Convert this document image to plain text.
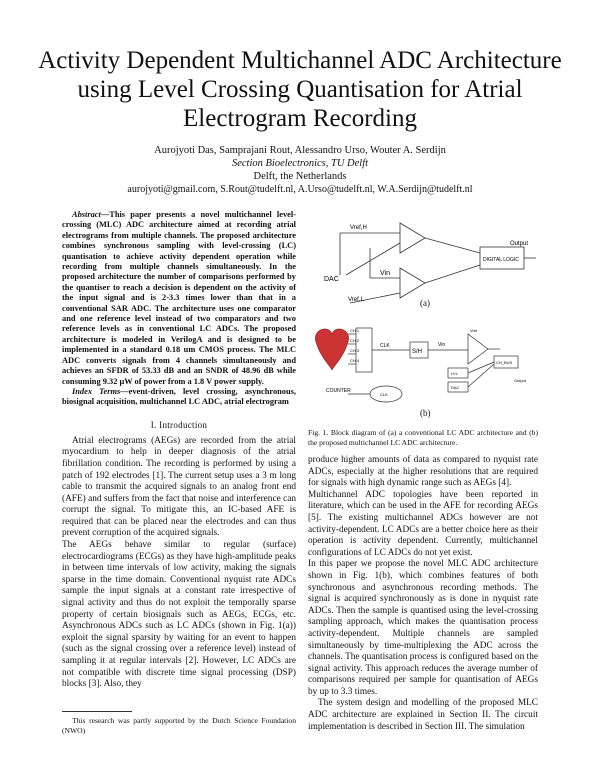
Activity Dependent Multichannel ADC Architecture
using Level Crossing Quantisation for Atrial
Electrogram Recording
Aurojyoti Das, Samprajani Rout, Alessandro Urso, Wouter A. Serdijn
Section Bioelectronics, TU Delft
Delft, the Netherlands
aurojyoti@gmail.com, S.Rout@tudelft.nl, A.Urso@tudelft.nl, W.A.Serdijn@tudelft.nl

Abstract—This paper presents a novel multichannel level-crossing (MLC) ADC architecture aimed at recording atrial electrograms from multiple channels. The proposed architecture combines synchronous sampling with level-crossing (LC) quantisation to achieve activity dependent operation while recording from multiple channels simultaneously. In the proposed architecture the number of comparisons performed by the quantiser to reach a decision is dependent on the activity of the input signal and is 2-3.3 times lower than that in a conventional SAR ADC. The architecture uses one comparator and one reference level instead of two comparators and two reference levels as in conventional LC ADCs. The proposed architecture is modeled in VerilogA and is designed to be implemented in a standard 0.18 um CMOS process. The MLC ADC converts signals from 4 channels simultaneously and achieves an SFDR of 53.33 dB and an SNDR of 48.96 dB while consuming 9.32 μW of power from a 1.8 V power supply.

Index Terms—event-driven, level crossing, asynchronous, biosignal acquisition, multichannel LC ADC, atrial electrogram

I. Introduction

Atrial electrograms (AEGs) are recorded from the atrial myocardium to help in deeper diagnosis of the atrial fibrillation condition. The recording is performed by using a patch of 192 electrodes [1]. The current setup uses a 3 m long cable to transmit the acquired signals to an analog front end (AFE) and suffers from the fact that noise and interference can corrupt the signal. To mitigate this, an IC-based AFE is required that can be placed near the electrodes and can thus prevent corruption of the acquired signals.

The AEGs behave similar to regular (surface) electrocardiograms (ECGs) as they have high-amplitude peaks in between time intervals of low activity, making the signals sparse in the time domain. Conventional nyquist rate ADCs sample the input signals at a constant rate irrespective of signal activity and thus do not exploit the temporally sparse property of certain biosignals such as AEGs, ECGs, etc. Asynchronous ADCs such as LC ADCs (shown in Fig. 1(a)) exploit the signal sparsity by waiting for an event to happen (such as the signal crossing over a reference level) instead of sampling it at regular intervals [2]. However, LC ADCs are not compatible with discrete time signal processing (DSP) blocks [3]. Also, they

This research was partly supported by the Dutch Science Foundation (NWO)
Vref,H
DAC
Vin
Vref,L
DIGITAL LOGIC
Output
(a)
CH 1
CH 2
CH 3
CH 4
CLK
S/H
Vin
Vref
LVL
DAC
COUNTER
CLK
CH_BUS
Output
(b)
Fig. 1. Block diagram of (a) a conventional LC ADC architecture and (b) the proposed multichannel LC ADC architecture.

produce higher amounts of data as compared to nyquist rate ADCs, especially at the higher resolutions that are required for signals with high dynamic range such as AEGs [4].

Multichannel ADC topologies have been reported in literature, which can be used in the AFE for recording AEGs [5]. The existing multichannel ADCs however are not activity-dependent. LC ADCs are a better choice here as their operation is activity dependent. Currently, multichannel configurations of LC ADCs do not yet exist.

In this paper we propose the novel MLC ADC architecture shown in Fig. 1(b), which combines features of both synchronous and asynchronous recording methods. The signal is acquired synchronously as is done in nyquist rate ADCs. Then the sample is quantised using the level-crossing sampling approach, which makes the quantisation process activity-dependent. Multiple channels are sampled simultaneously by time-multiplexing the ADC across the channels. The quantisation process is configured based on the signal activity. This approach reduces the average number of comparisons required per sample for quantisation of AEGs by up to 3.3 times.

The system design and modelling of the proposed MLC ADC architecture are explained in Section II. The circuit implementation is described in Section III. The simulation
